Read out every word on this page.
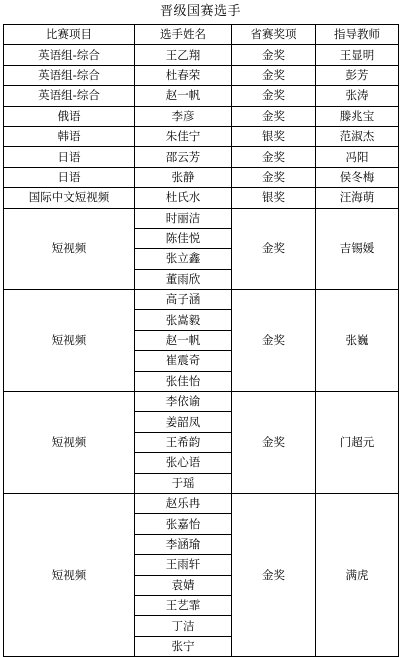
晋级国赛选手
比赛项目	选手姓名	省赛奖项	指导教师
英语组-综合	王乙翔	金奖	王显明
英语组-综合	杜春荣	金奖	彭芳
英语组-综合	赵一帆	金奖	张涛
俄语	李彦	金奖	滕兆宝
韩语	朱佳宁	银奖	范淑杰
日语	邵云芳	金奖	冯阳
日语	张静	金奖	侯冬梅
国际中文短视频	杜氏水	银奖	汪海萌
短视频	时丽洁	金奖	吉锡媛
	陈佳悦		
	张立鑫		
	董雨欣		
短视频	高子涵	金奖	张巍
	张嵩毅		
	赵一帆		
	崔震奇		
	张佳怡		
短视频	李依谕	金奖	门超元
	姜韶凤		
	王希韵		
	张心语		
	于瑶		
短视频	赵乐冉	金奖	满虎
	张嘉怡		
	李涵瑜		
	王雨轩		
	袁婧		
	王艺霏		
	丁洁		
	张宁		
